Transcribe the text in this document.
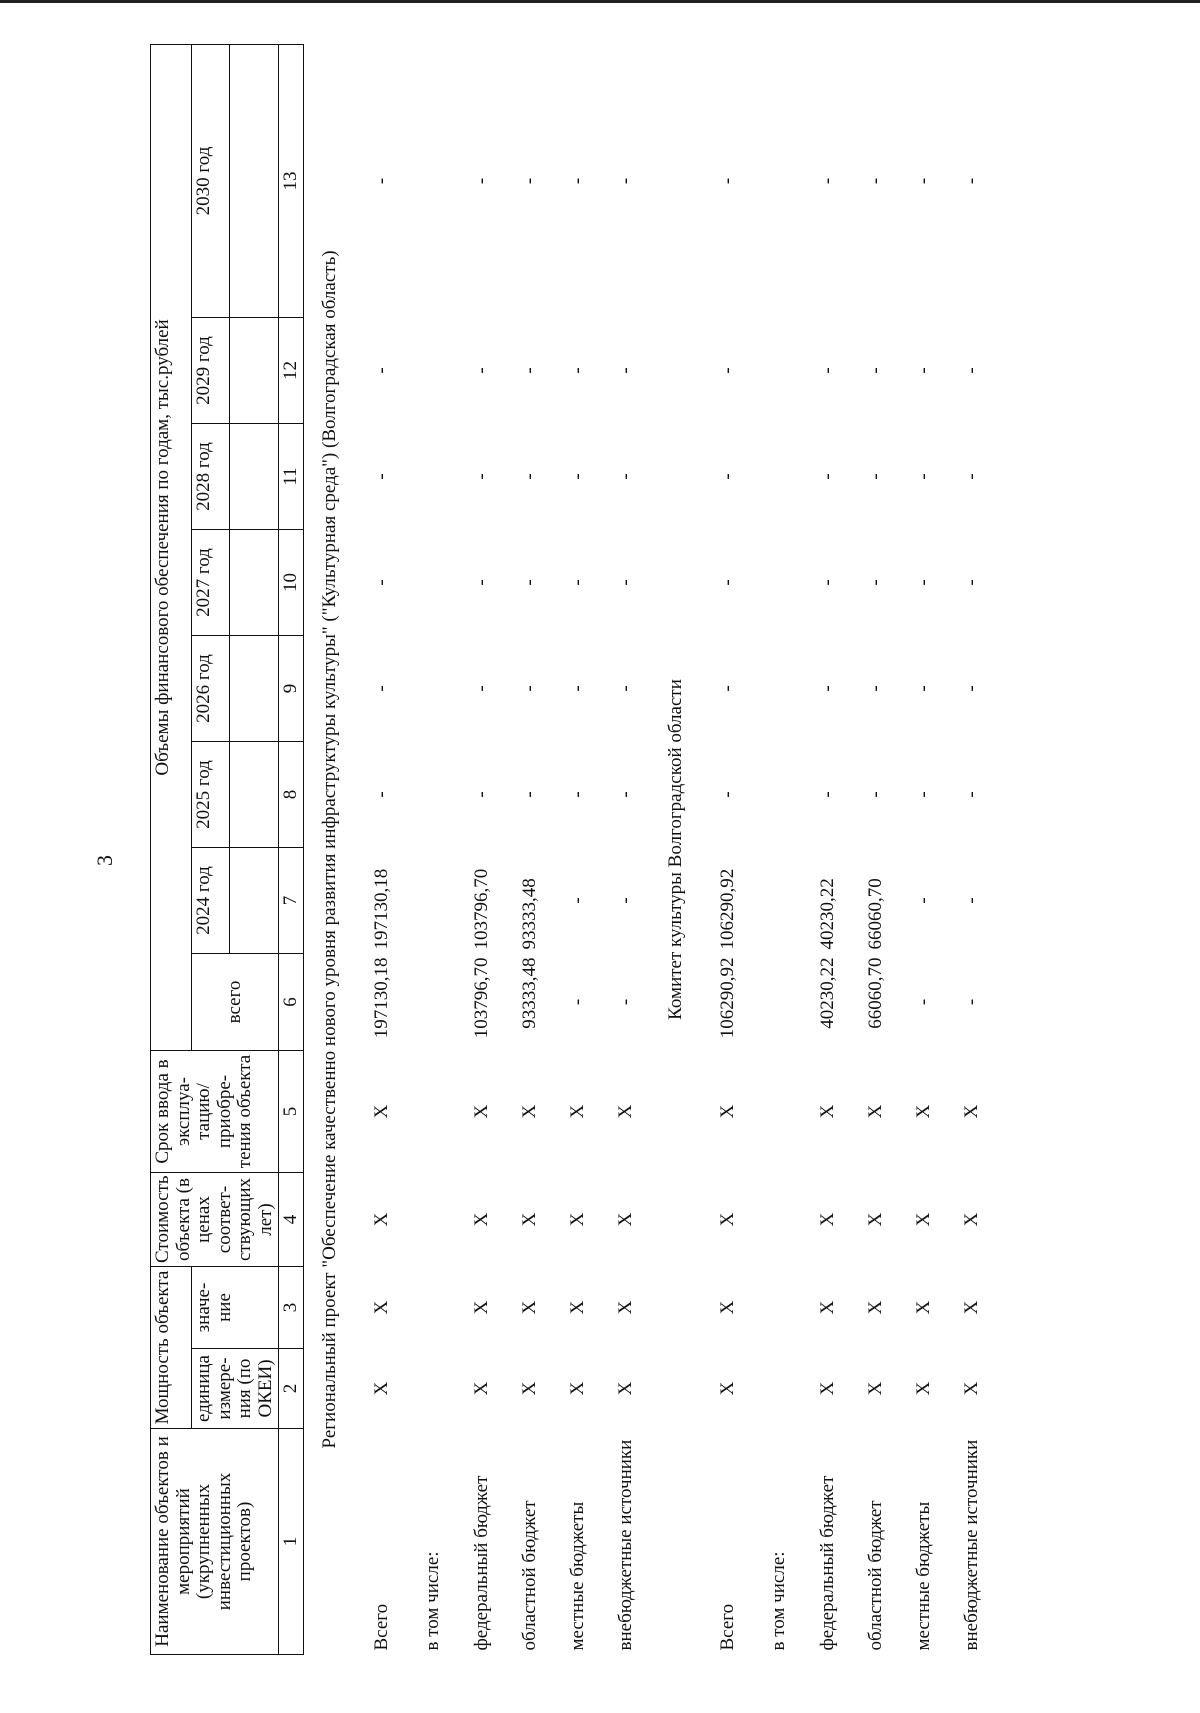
3
Наименование объектов и мероприятий (укрупненных инвестиционных проектов)	Мощность объекта		Стоимость объекта (в ценах соответ-ствующих лет)	Срок ввода в эксплуа-тацию/ приобре-тения объекта	Объемы финансового обеспечения по годам, тыс.рублей							
	единица измере-ния (по ОКЕИ)	значе-ние			всего	2024 год	2025 год	2026 год	2027 год	2028 год	2029 год	2030 год

1	2	3	4	5	6	7	8	9	10	11	12	13
Региональный проект "Обеспечение качественно нового уровня развития инфраструктуры культуры" ("Культурная среда") (Волгоградская область)												
Всего	X	X	X	X	197130,18	197130,18	-	-	-	-	-	-
в том числе:												
федеральный бюджет	X	X	X	X	103796,70	103796,70	-	-	-	-	-	-
областной бюджет	X	X	X	X	93333,48	93333,48	-	-	-	-	-	-
местные бюджеты	X	X	X	X	-	-	-	-	-	-	-	-
внебюджетные источники	X	X	X	X	-	-	-	-	-	-	-	-
Комитет культуры Волгоградской области												
Всего	X	X	X	X	106290,92	106290,92	-	-	-	-	-	-
в том числе:												
федеральный бюджет	X	X	X	X	40230,22	40230,22	-	-	-	-	-	-
областной бюджет	X	X	X	X	66060,70	66060,70	-	-	-	-	-	-
местные бюджеты	X	X	X	X	-	-	-	-	-	-	-	-
внебюджетные источники	X	X	X	X	-	-	-	-	-	-	-	-
